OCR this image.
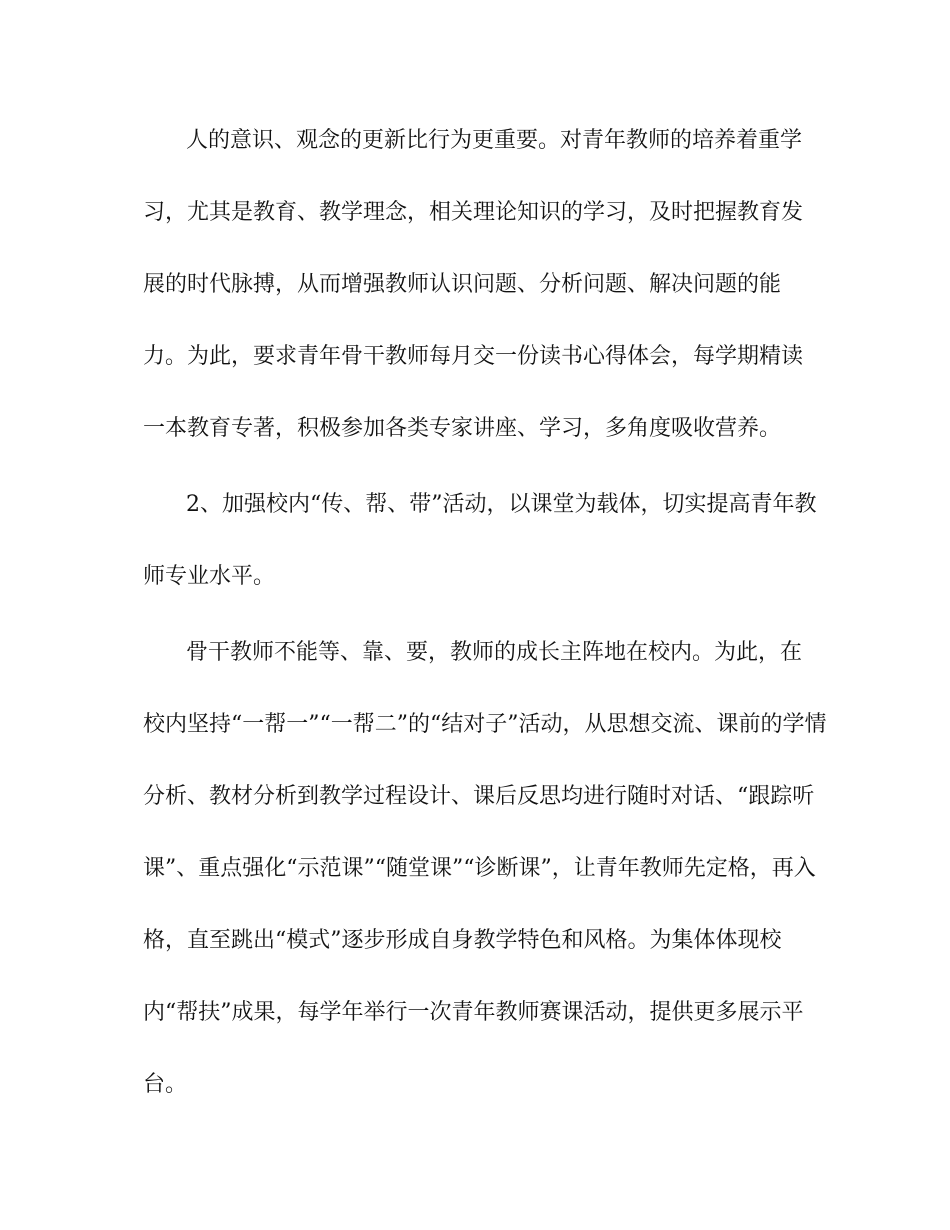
人的意识、观念的更新比行为更重要。对青年教师的培养着重学

习，尤其是教育、教学理念，相关理论知识的学习，及时把握教育发

展的时代脉搏，从而增强教师认识问题、分析问题、解决问题的能

力。为此，要求青年骨干教师每月交一份读书心得体会，每学期精读

一本教育专著，积极参加各类专家讲座、学习，多角度吸收营养。

2、加强校内“传、帮、带”活动，以课堂为载体，切实提高青年教

师专业水平。

骨干教师不能等、靠、要，教师的成长主阵地在校内。为此，在

校内坚持“一帮一”“一帮二”的“结对子”活动，从思想交流、课前的学情

分析、教材分析到教学过程设计、课后反思均进行随时对话、“跟踪听

课”、重点强化“示范课”“随堂课”“诊断课”，让青年教师先定格，再入

格，直至跳出“模式”逐步形成自身教学特色和风格。为集体体现校

内“帮扶”成果，每学年举行一次青年教师赛课活动，提供更多展示平

台。
